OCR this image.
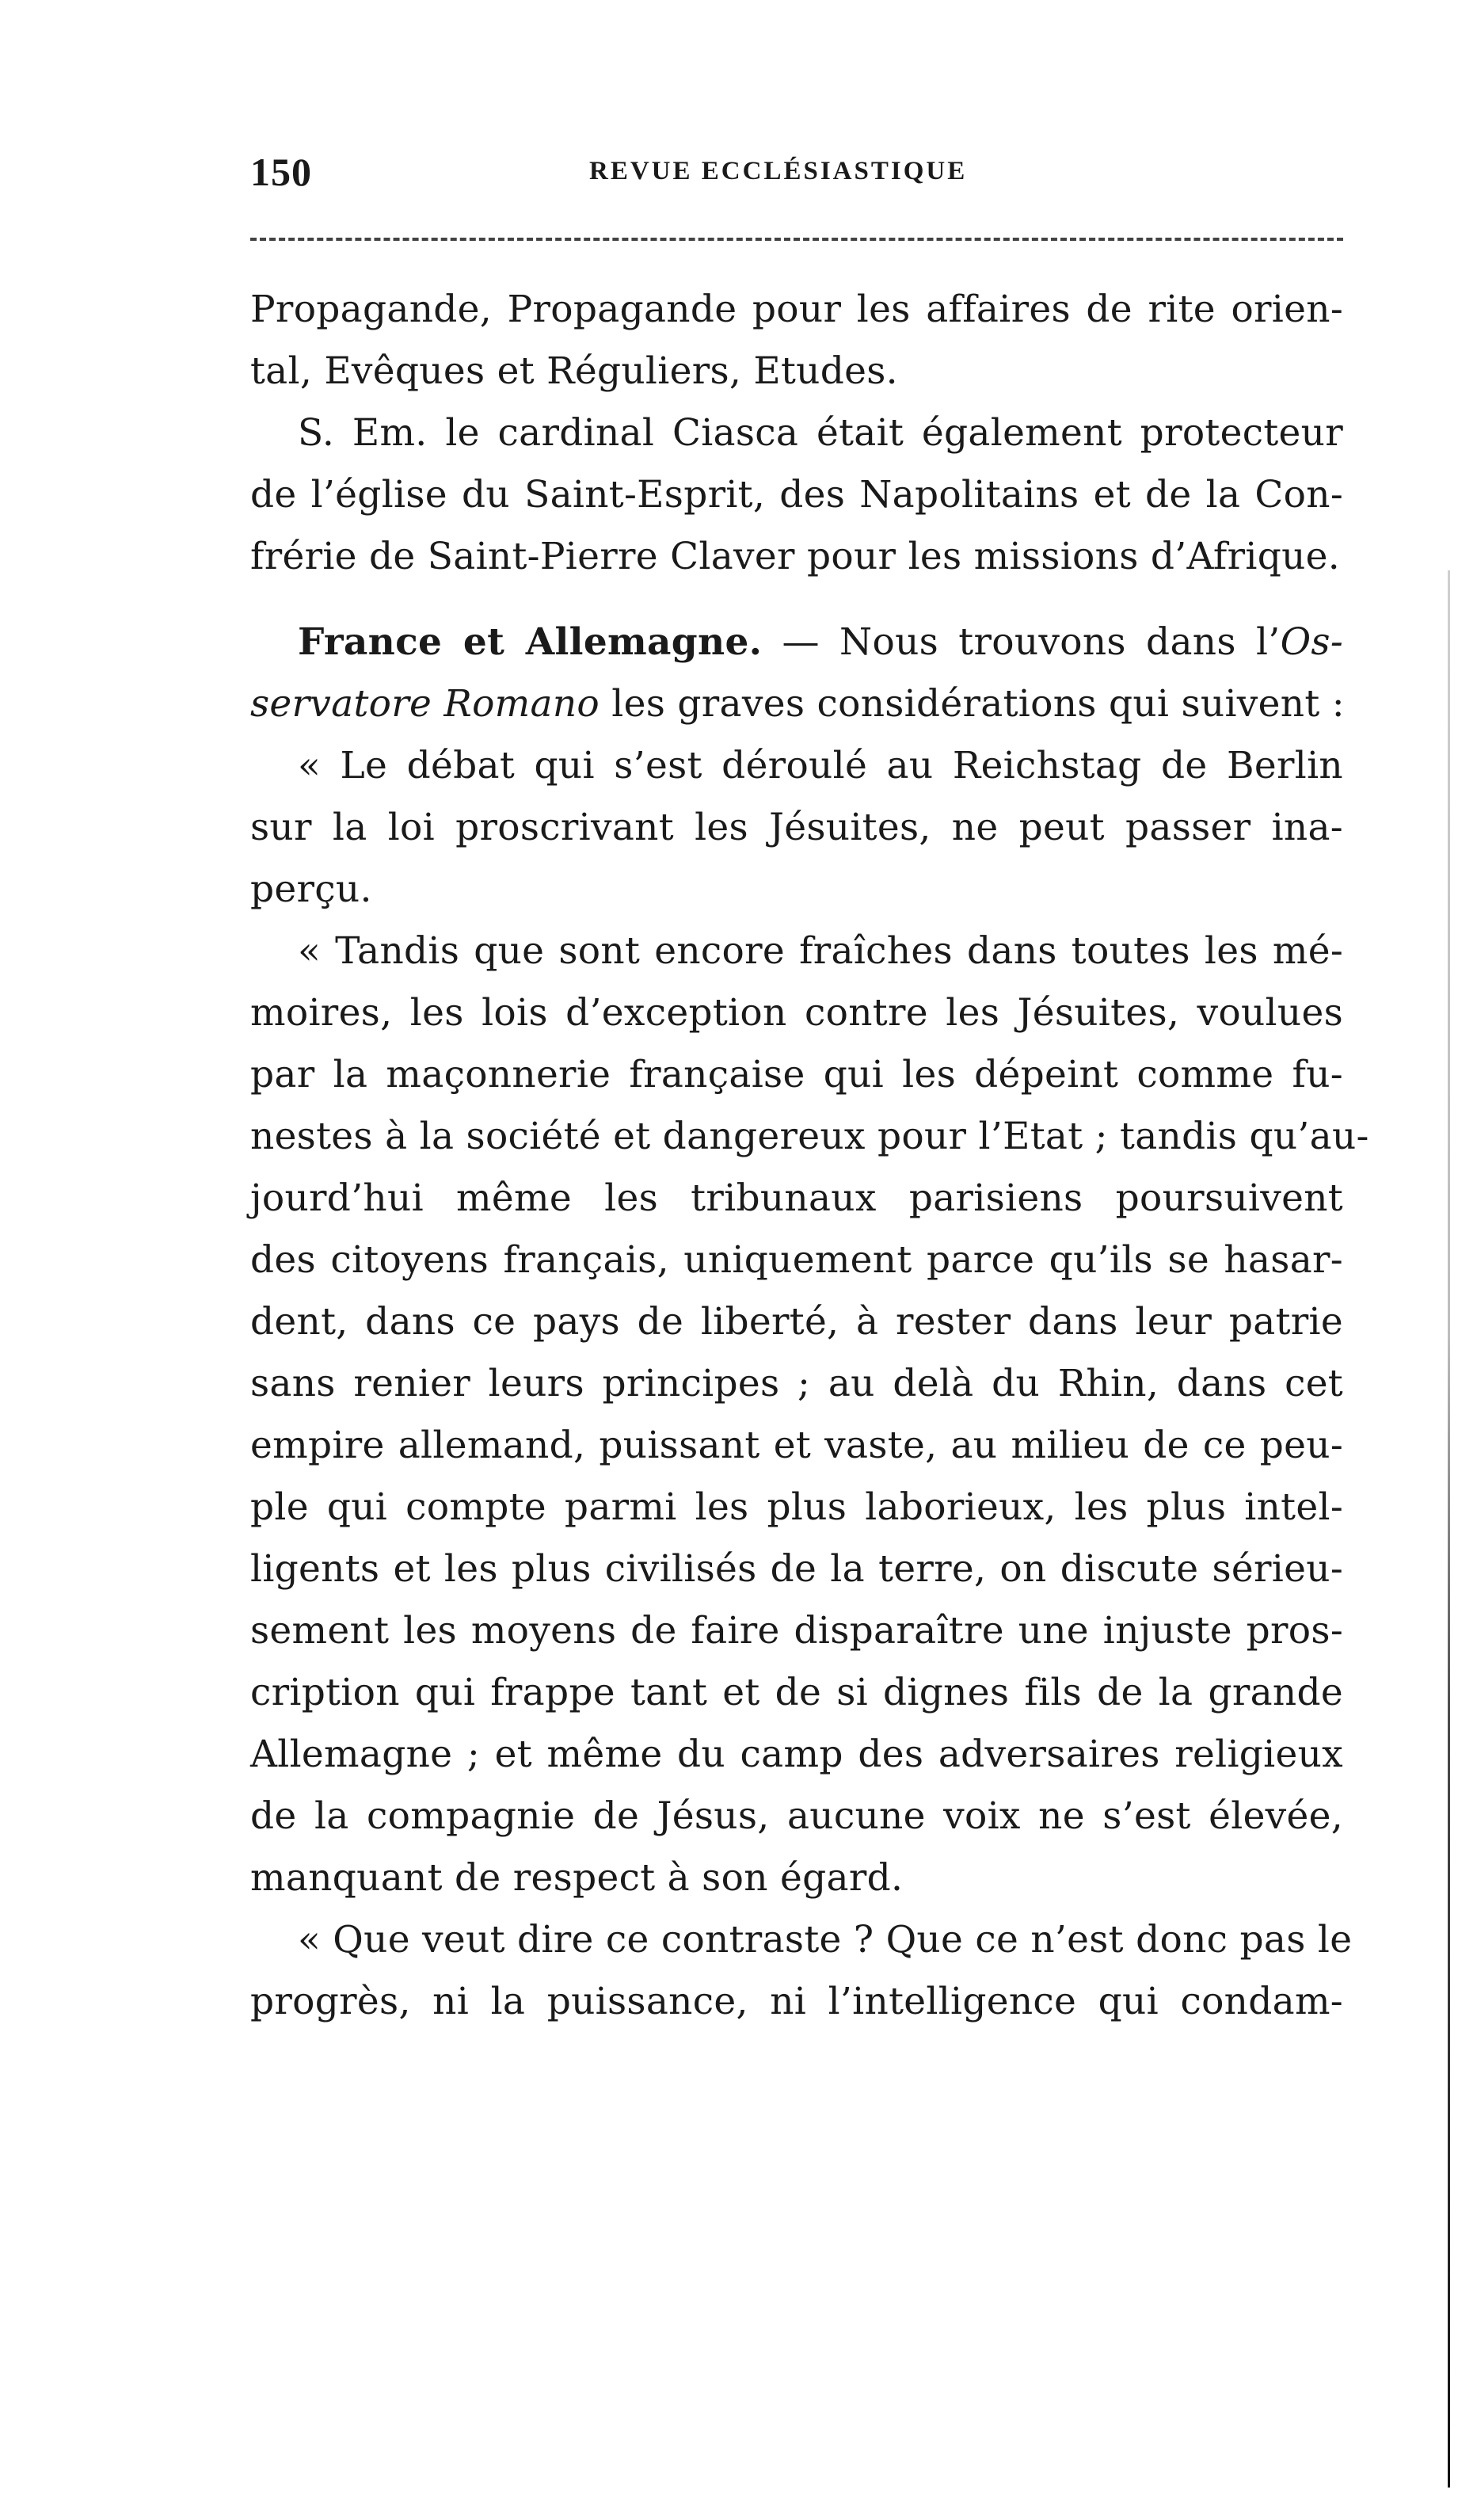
150	REVUE ECCLÉSIASTIQUE
Propagande, Propagande pour les affaires de rite orien-
tal, Evêques et Réguliers, Etudes.
S. Em. le cardinal Ciasca était également protecteur
de l’église du Saint-Esprit, des Napolitains et de la Con-
frérie de Saint-Pierre Claver pour les missions d’Afrique.
France et Allemagne. — Nous trouvons dans l’Os-
servatore Romano les graves considérations qui suivent :
« Le débat qui s’est déroulé au Reichstag de Berlin
sur la loi proscrivant les Jésuites, ne peut passer ina-
perçu.
« Tandis que sont encore fraîches dans toutes les mé-
moires, les lois d’exception contre les Jésuites, voulues
par la maçonnerie française qui les dépeint comme fu-
nestes à la société et dangereux pour l’Etat ; tandis qu’au-
jourd’hui même les tribunaux parisiens poursuivent
des citoyens français, uniquement parce qu’ils se hasar-
dent, dans ce pays de liberté, à rester dans leur patrie
sans renier leurs principes ; au delà du Rhin, dans cet
empire allemand, puissant et vaste, au milieu de ce peu-
ple qui compte parmi les plus laborieux, les plus intel-
ligents et les plus civilisés de la terre, on discute sérieu-
sement les moyens de faire disparaître une injuste pros-
cription qui frappe tant et de si dignes fils de la grande
Allemagne ; et même du camp des adversaires religieux
de la compagnie de Jésus, aucune voix ne s’est élevée,
manquant de respect à son égard.
« Que veut dire ce contraste ? Que ce n’est donc pas le
progrès, ni la puissance, ni l’intelligence qui condam-
